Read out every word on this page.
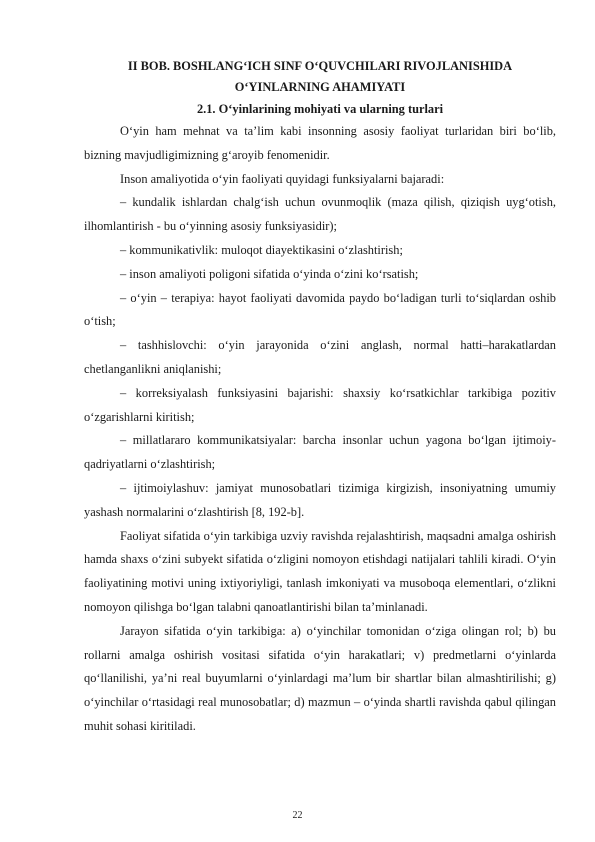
II BOB. BOSHLANG‘ICH SINF O‘QUVCHILARI RIVOJLANISHIDA
O‘YINLARNING AHAMIYATI
2.1. O‘yinlarining mohiyati va ularning turlari

O‘yin ham mehnat va ta’lim kabi insonning asosiy faoliyat turlaridan biri bo‘lib, bizning mavjudligimizning g‘aroyib fenomenidir.

Inson amaliyotida o‘yin faoliyati quyidagi funksiyalarni bajaradi:

– kundalik ishlardan chalg‘ish uchun ovunmoqlik (maza qilish, qiziqish uyg‘otish, ilhomlantirish - bu o‘yinning asosiy funksiyasidir);

– kommunikativlik: muloqot diayektikasini o‘zlashtirish;

– inson amaliyoti poligoni sifatida o‘yinda o‘zini ko‘rsatish;

– o‘yin – terapiya: hayot faoliyati davomida paydo bo‘ladigan turli to‘siqlardan oshib o‘tish;

– tashhislovchi: o‘yin jarayonida o‘zini anglash, normal hatti–harakatlardan chetlanganlikni aniqlanishi;

– korreksiyalash funksiyasini bajarishi: shaxsiy ko‘rsatkichlar tarkibiga pozitiv o‘zgarishlarni kiritish;

– millatlararo kommunikatsiyalar: barcha insonlar uchun yagona bo‘lgan ijtimoiy-qadriyatlarni o‘zlashtirish;

– ijtimoiylashuv: jamiyat munosobatlari tizimiga kirgizish, insoniyatning umumiy yashash normalarini o‘zlashtirish [8, 192-b].

Faoliyat sifatida o‘yin tarkibiga uzviy ravishda rejalashtirish, maqsadni amalga oshirish hamda shaxs o‘zini subyekt sifatida o‘zligini nomoyon etishdagi natijalari tahlili kiradi. O‘yin faoliyatining motivi uning ixtiyoriyligi, tanlash imkoniyati va musoboqa elementlari, o‘zlikni nomoyon qilishga bo‘lgan talabni qanoatlantirishi bilan ta’minlanadi.

Jarayon sifatida o‘yin tarkibiga: a) o‘yinchilar tomonidan o‘ziga olingan rol; b) bu rollarni amalga oshirish vositasi sifatida o‘yin harakatlari; v) predmetlarni o‘yinlarda qo‘llanilishi, ya’ni real buyumlarni o‘yinlardagi ma’lum bir shartlar bilan almashtirilishi; g) o‘yinchilar o‘rtasidagi real munosobatlar; d) mazmun – o‘yinda shartli ravishda qabul qilingan muhit sohasi kiritiladi.

22
